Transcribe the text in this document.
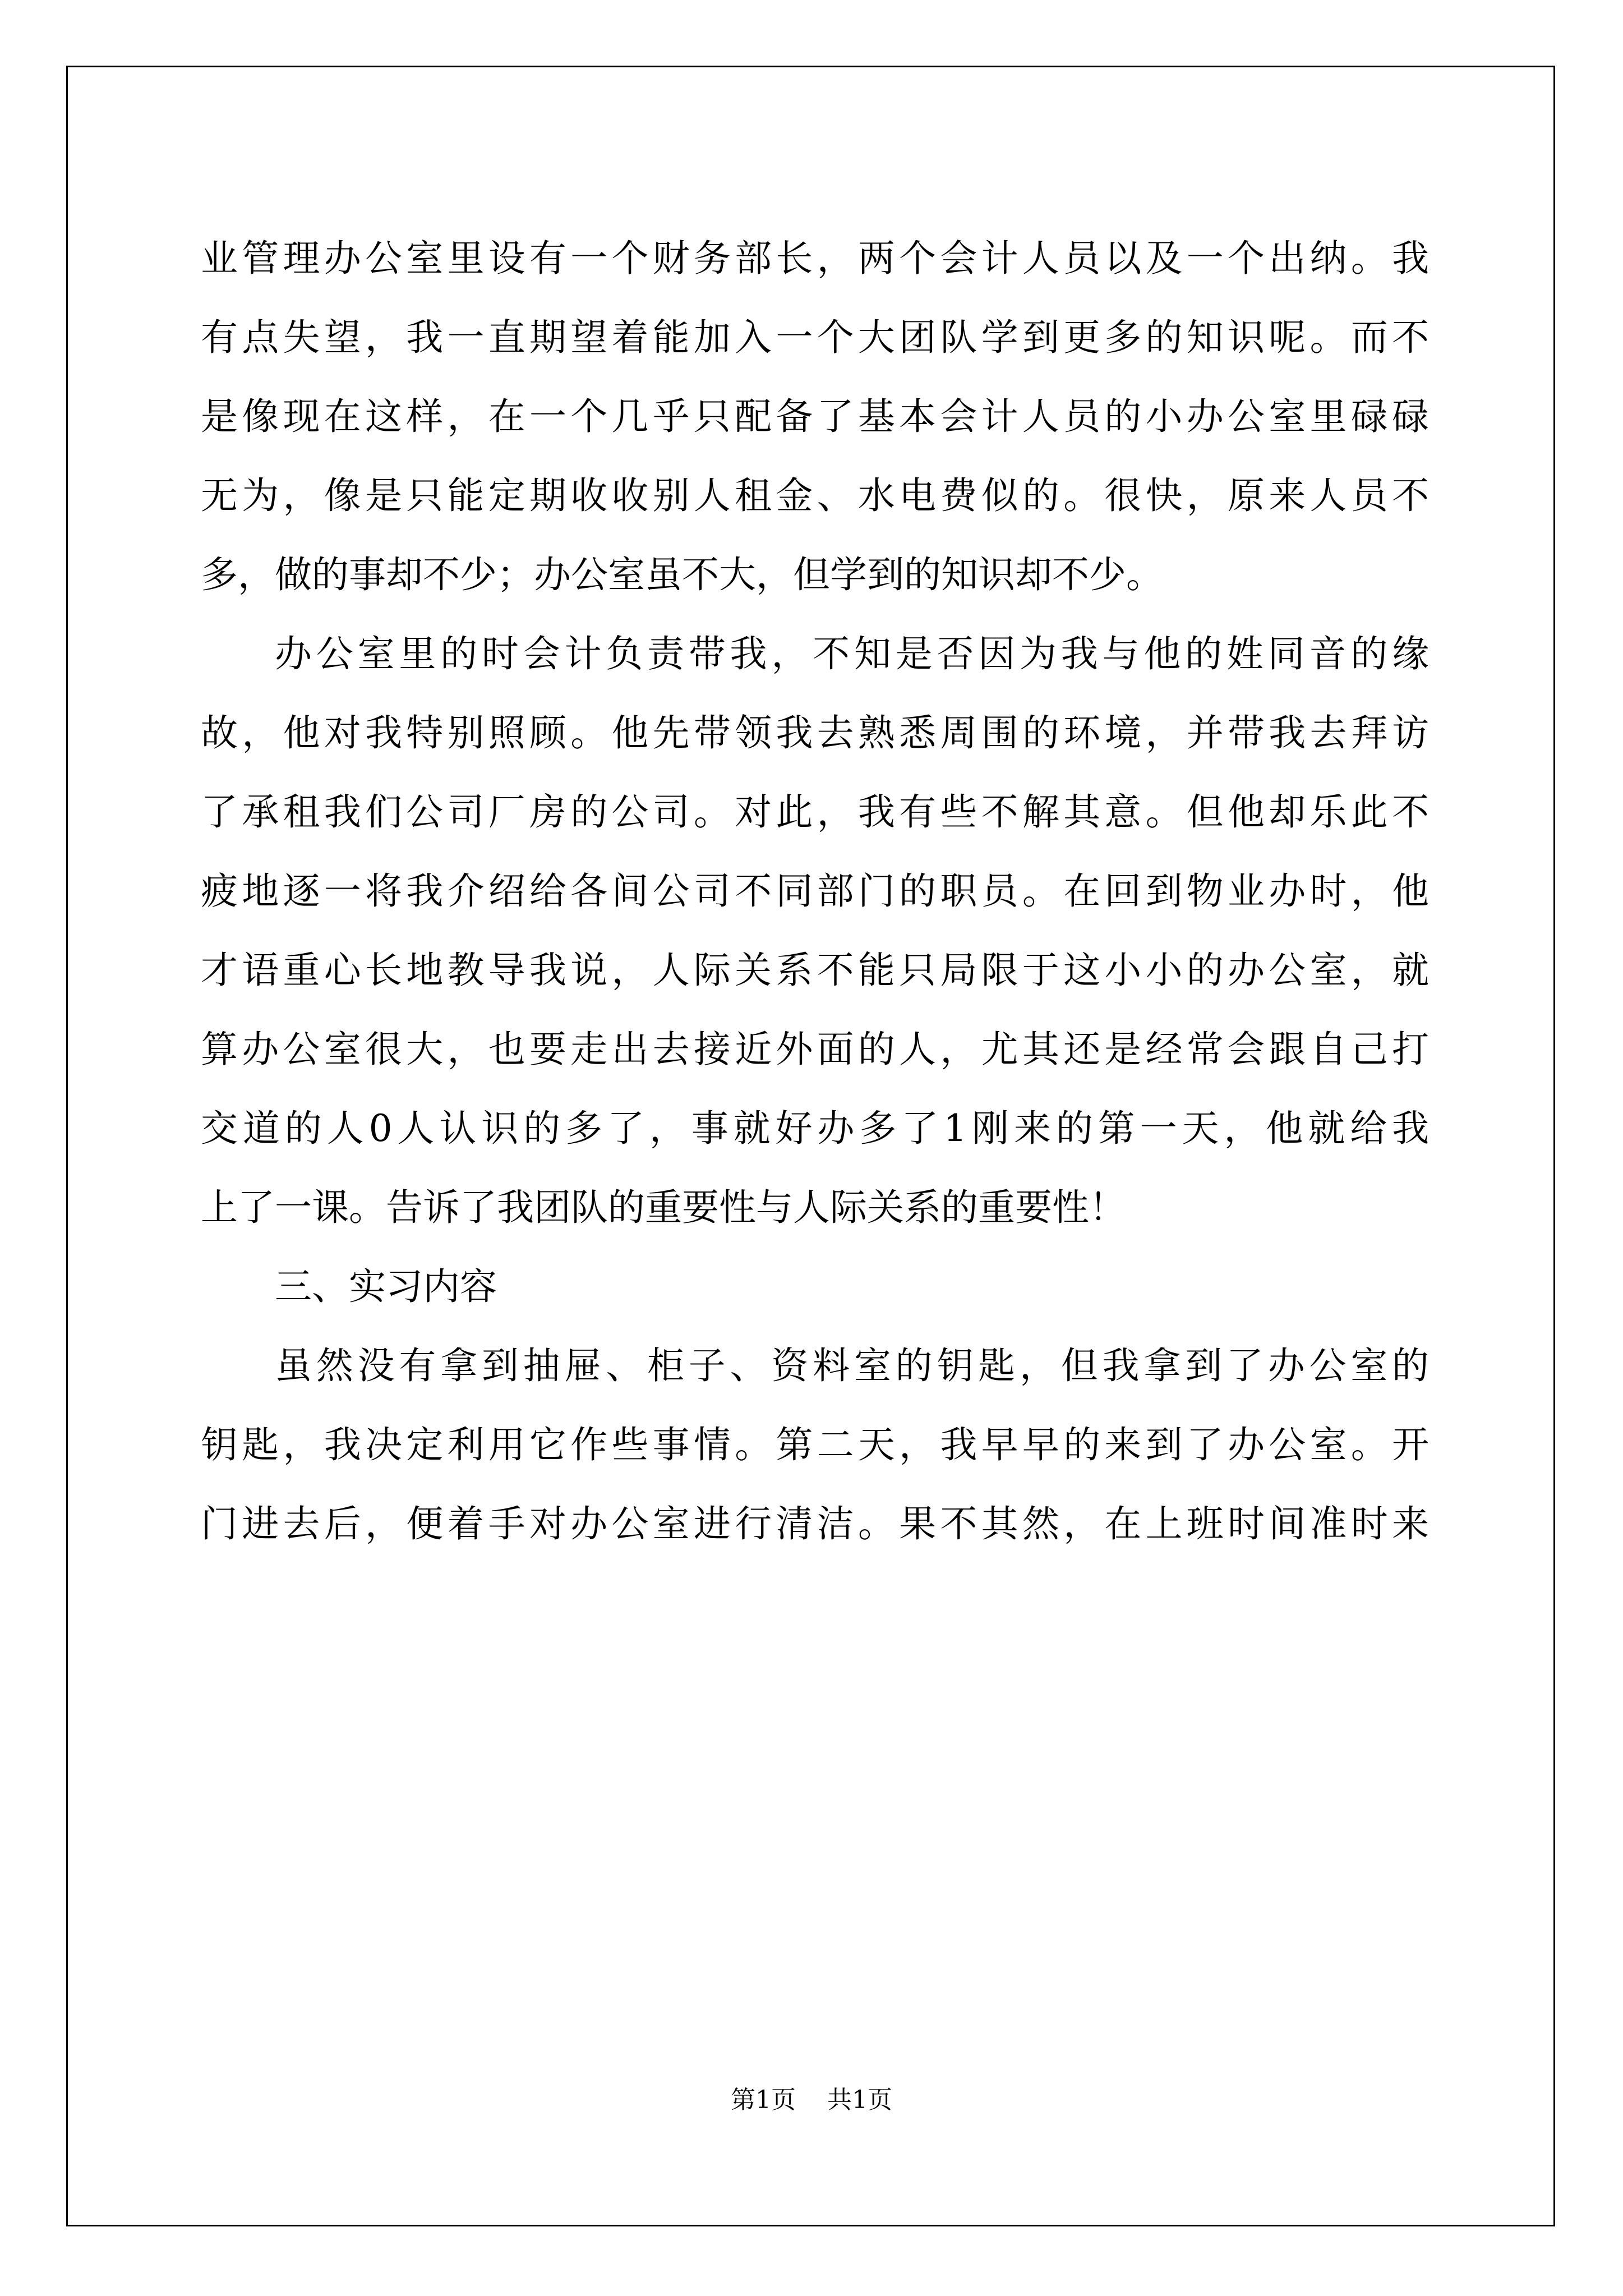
业管理办公室里设有一个财务部长，两个会计人员以及一个出纳。我
有点失望，我一直期望着能加入一个大团队学到更多的知识呢。而不
是像现在这样，在一个几乎只配备了基本会计人员的小办公室里碌碌
无为，像是只能定期收收别人租金、水电费似的。很快，原来人员不
多，做的事却不少；办公室虽不大，但学到的知识却不少。
办公室里的时会计负责带我，不知是否因为我与他的姓同音的缘
故，他对我特别照顾。他先带领我去熟悉周围的环境，并带我去拜访
了承租我们公司厂房的公司。对此，我有些不解其意。但他却乐此不
疲地逐一将我介绍给各间公司不同部门的职员。在回到物业办时，他
才语重心长地教导我说，人际关系不能只局限于这小小的办公室，就
算办公室很大，也要走出去接近外面的人，尤其还是经常会跟自己打
交道的人0人认识的多了，事就好办多了1刚来的第一天，他就给我
上了一课。告诉了我团队的重要性与人际关系的重要性！
三、实习内容
虽然没有拿到抽屉、柜子、资料室的钥匙，但我拿到了办公室的
钥匙，我决定利用它作些事情。第二天，我早早的来到了办公室。开
门进去后，便着手对办公室进行清洁。果不其然，在上班时间准时来
第1页 共1页
